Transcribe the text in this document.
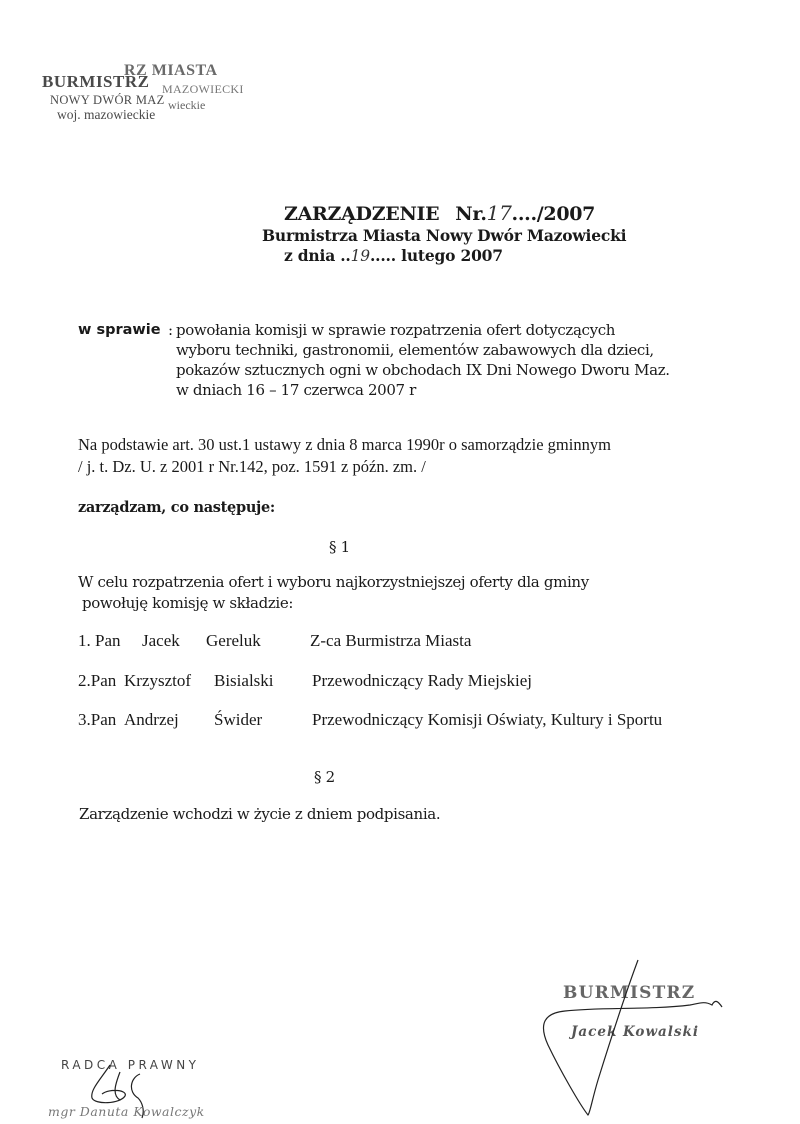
RZ MIASTA
BURMISTRZ MAZOWIECKI
NOWY DWÓR MAZ wieckie
woj. mazowieckie
ZARZĄDZENIE Nr.17..../2007
Burmistrza Miasta Nowy Dwór Mazowiecki
z dnia ..19..... lutego 2007
w sprawie : powołania komisji w sprawie rozpatrzenia ofert dotyczących
wyboru techniki, gastronomii, elementów zabawowych dla dzieci,
pokazów sztucznych ogni w obchodach IX Dni Nowego Dworu Maz.
w dniach 16 – 17 czerwca 2007 r
Na podstawie art. 30 ust.1 ustawy z dnia 8 marca 1990r o samorządzie gminnym
/ j. t. Dz. U. z 2001 r Nr.142, poz. 1591 z późn. zm. /
zarządzam, co następuje:
§ 1
W celu rozpatrzenia ofert i wyboru najkorzystniejszej oferty dla gminy
powołuję komisję w składzie:
1. Pan Jacek Gereluk	Z-ca Burmistrza Miasta
2.Pan Krzysztof Bisialski Przewodniczący Rady Miejskiej
3.Pan Andrzej Świder	Przewodniczący Komisji Oświaty, Kultury i Sportu
§ 2
Zarządzenie wchodzi w życie z dniem podpisania.
BURMISTRZ
Jacek Kowalski
RADCA PRAWNY
mgr Danuta Kowalczyk
